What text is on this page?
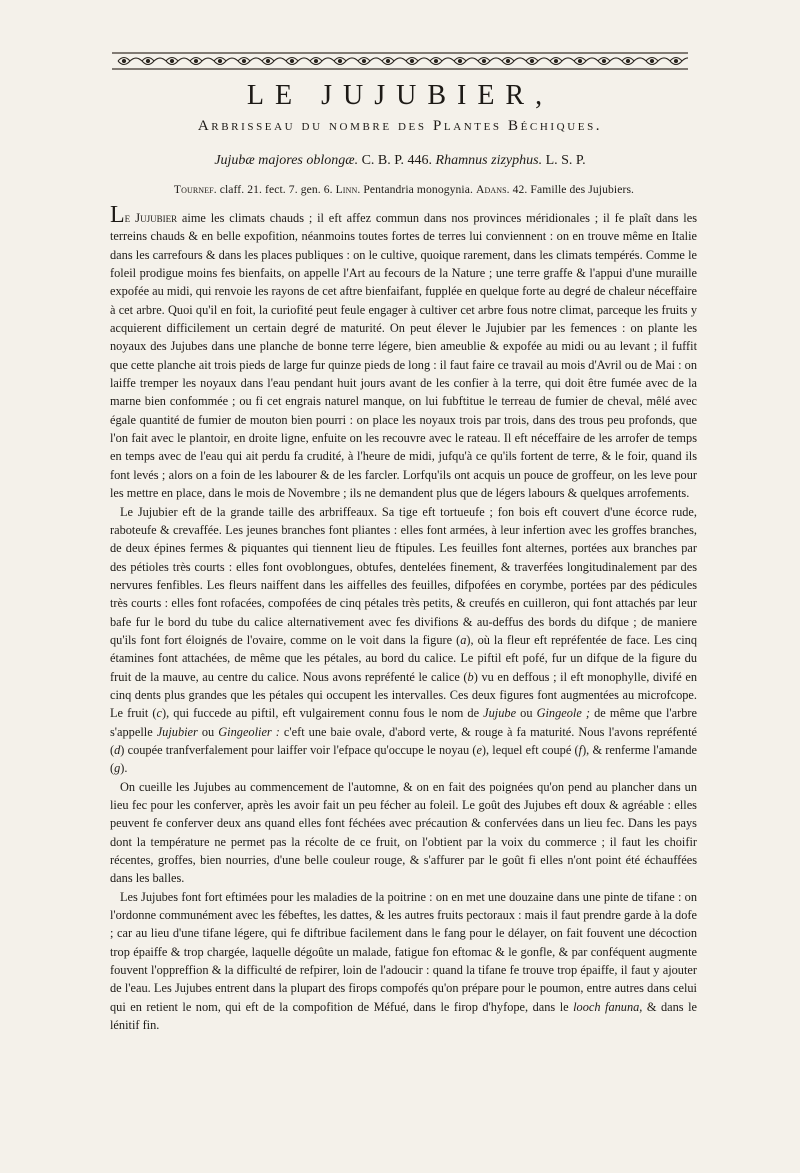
LE JUJUBIER,
Arbrisseau du nombre des Plantes Béchiques.
Jujubæ majores oblongæ. C. B. P. 446. Rhamnus zizyphus. L. S. P.
Tournef. claff. 21. fect. 7. gen. 6. Linn. Pentandria monogynia. Adans. 42. Famille des Jujubiers.

Le Jujubier aime les climats chauds ; il eft affez commun dans nos provinces méridionales ; il fe plaît dans les terreins chauds & en belle expofition, néanmoins toutes fortes de terres lui conviennent : on en trouve même en Italie dans les carrefours & dans les places publiques : on le cultive, quoique rarement, dans les climats tempérés. Comme le foleil prodigue moins fes bienfaits, on appelle l'Art au fecours de la Nature ; une terre graffe & l'appui d'une muraille expofée au midi, qui renvoie les rayons de cet aftre bienfaifant, fupplée en quelque forte au degré de chaleur néceffaire à cet arbre. Quoi qu'il en foit, la curiofité peut feule engager à cultiver cet arbre fous notre climat, parceque les fruits y acquierent difficilement un certain degré de maturité. On peut élever le Jujubier par les femences : on plante les noyaux des Jujubes dans une planche de bonne terre légere, bien ameublie & expofée au midi ou au levant ; il fuffit que cette planche ait trois pieds de large fur quinze pieds de long : il faut faire ce travail au mois d'Avril ou de Mai : on laiffe tremper les noyaux dans l'eau pendant huit jours avant de les confier à la terre, qui doit être fumée avec de la marne bien confommée ; ou fi cet engrais naturel manque, on lui fubftitue le terreau de fumier de cheval, mêlé avec égale quantité de fumier de mouton bien pourri : on place les noyaux trois par trois, dans des trous peu profonds, que l'on fait avec le plantoir, en droite ligne, enfuite on les recouvre avec le rateau. Il eft néceffaire de les arrofer de temps en temps avec de l'eau qui ait perdu fa crudité, à l'heure de midi, jufqu'à ce qu'ils fortent de terre, & le foir, quand ils font levés ; alors on a foin de les labourer & de les farcler. Lorfqu'ils ont acquis un pouce de groffeur, on les leve pour les mettre en place, dans le mois de Novembre ; ils ne demandent plus que de légers labours & quelques arrofements.

Le Jujubier eft de la grande taille des arbriffeaux. Sa tige eft tortueufe ; fon bois eft couvert d'une écorce rude, raboteufe & crevaffée. Les jeunes branches font pliantes : elles font armées, à leur infertion avec les groffes branches, de deux épines fermes & piquantes qui tiennent lieu de ftipules. Les feuilles font alternes, portées aux branches par des pétioles très courts : elles font ovoblongues, obtufes, dentelées finement, & traverfées longitudinalement par des nervures fenfibles. Les fleurs naiffent dans les aiffelles des feuilles, difpofées en corymbe, portées par des pédicules très courts : elles font rofacées, compofées de cinq pétales très petits, & creufés en cuilleron, qui font attachés par leur bafe fur le bord du tube du calice alternativement avec fes divifions & au-deffus des bords du difque ; de maniere qu'ils font fort éloignés de l'ovaire, comme on le voit dans la figure (a), où la fleur eft repréfentée de face. Les cinq étamines font attachées, de même que les pétales, au bord du calice. Le piftil eft pofé, fur un difque de la figure du fruit de la mauve, au centre du calice. Nous avons repréfenté le calice (b) vu en deffous ; il eft monophylle, divifé en cinq dents plus grandes que les pétales qui occupent les intervalles. Ces deux figures font augmentées au microfcope. Le fruit (c), qui fuccede au piftil, eft vulgairement connu fous le nom de Jujube ou Gingeole ; de même que l'arbre s'appelle Jujubier ou Gingeolier : c'eft une baie ovale, d'abord verte, & rouge à fa maturité. Nous l'avons repréfenté (d) coupée tranfverfalement pour laiffer voir l'efpace qu'occupe le noyau (e), lequel eft coupé (f), & renferme l'amande (g).

On cueille les Jujubes au commencement de l'automne, & on en fait des poignées qu'on pend au plancher dans un lieu fec pour les conferver, après les avoir fait un peu fécher au foleil. Le goût des Jujubes eft doux & agréable : elles peuvent fe conferver deux ans quand elles font féchées avec précaution & confervées dans un lieu fec. Dans les pays dont la température ne permet pas la récolte de ce fruit, on l'obtient par la voix du commerce ; il faut les choifir récentes, groffes, bien nourries, d'une belle couleur rouge, & s'affurer par le goût fi elles n'ont point été échauffées dans les balles.

Les Jujubes font fort eftimées pour les maladies de la poitrine : on en met une douzaine dans une pinte de tifane : on l'ordonne communément avec les fébeftes, les dattes, & les autres fruits pectoraux : mais il faut prendre garde à la dofe ; car au lieu d'une tifane légere, qui fe diftribue facilement dans le fang pour le délayer, on fait fouvent une décoction trop épaiffe & trop chargée, laquelle dégoûte un malade, fatigue fon eftomac & le gonfle, & par conféquent augmente fouvent l'oppreffion & la difficulté de refpirer, loin de l'adoucir : quand la tifane fe trouve trop épaiffe, il faut y ajouter de l'eau. Les Jujubes entrent dans la plupart des firops compofés qu'on prépare pour le poumon, entre autres dans celui qui en retient le nom, qui eft de la compofition de Méfué, dans le firop d'hyfope, dans le looch fanuna, & dans le lénitif fin.
